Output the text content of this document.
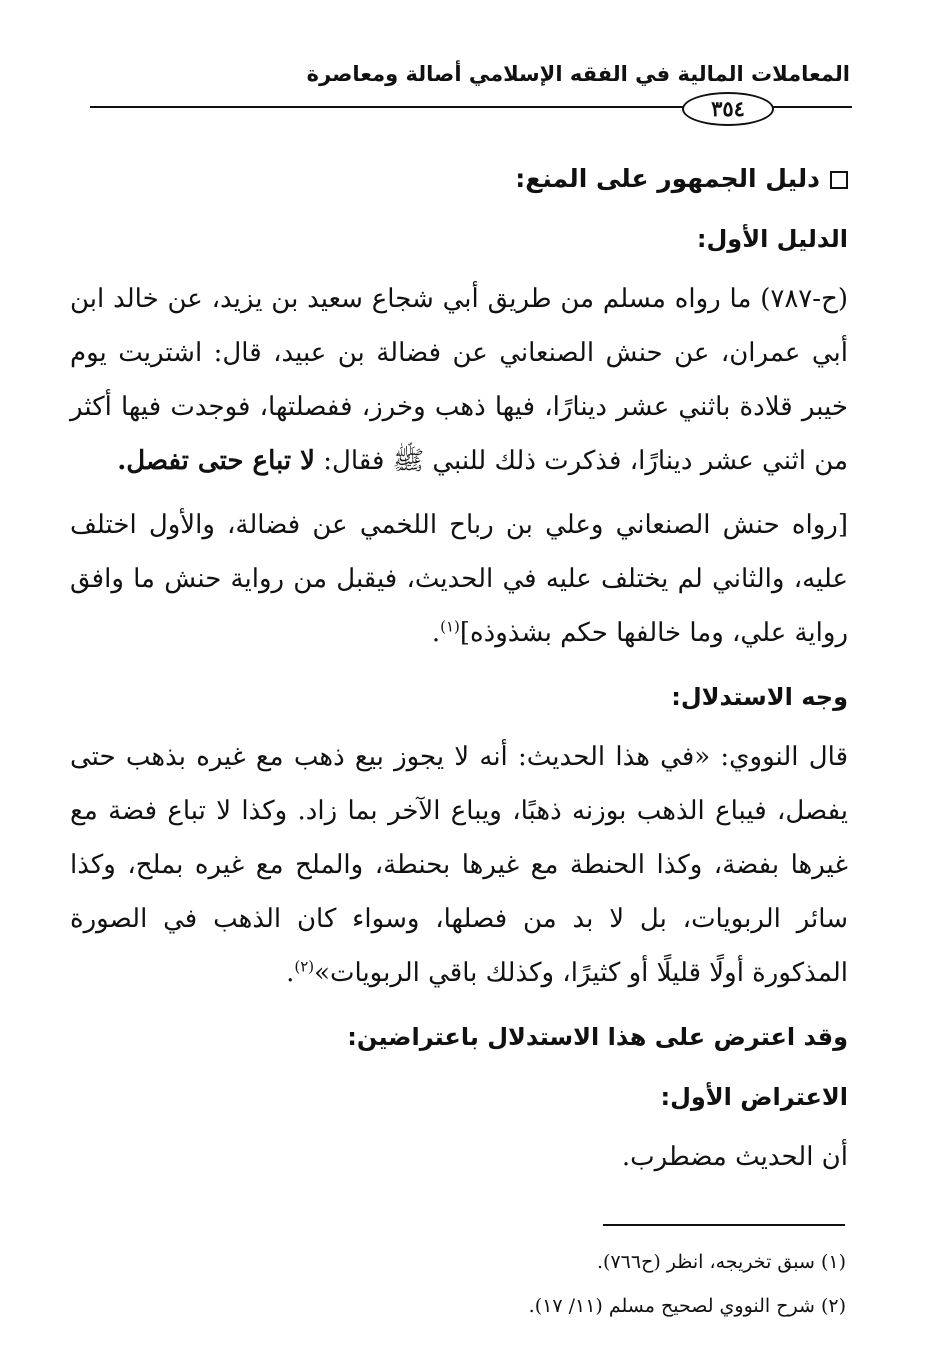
المعاملات المالية في الفقه الإسلامي أصالة ومعاصرة
٣٥٤

دليل الجمهور على المنع:

الدليل الأول:

(ح-٧٨٧) ما رواه مسلم من طريق أبي شجاع سعيد بن يزيد، عن خالد ابن أبي عمران، عن حنش الصنعاني عن فضالة بن عبيد، قال: اشتريت يوم خيبر قلادة باثني عشر دينارًا، فيها ذهب وخرز، ففصلتها، فوجدت فيها أكثر من اثني عشر دينارًا، فذكرت ذلك للنبي ﷺ فقال: لا تباع حتى تفصل.

[رواه حنش الصنعاني وعلي بن رباح اللخمي عن فضالة، والأول اختلف عليه، والثاني لم يختلف عليه في الحديث، فيقبل من رواية حنش ما وافق رواية علي، وما خالفها حكم بشذوذه]$^{(١)}$.

وجه الاستدلال:

قال النووي: «في هذا الحديث: أنه لا يجوز بيع ذهب مع غيره بذهب حتى يفصل، فيباع الذهب بوزنه ذهبًا، ويباع الآخر بما زاد. وكذا لا تباع فضة مع غيرها بفضة، وكذا الحنطة مع غيرها بحنطة، والملح مع غيره بملح، وكذا سائر الربويات، بل لا بد من فصلها، وسواء كان الذهب في الصورة المذكورة أولًا قليلًا أو كثيرًا، وكذلك باقي الربويات»$^{(٢)}$.

وقد اعترض على هذا الاستدلال باعتراضين:

الاعتراض الأول:

أن الحديث مضطرب.

(١) سبق تخريجه، انظر (ح٧٦٦).

(٢) شرح النووي لصحيح مسلم (١١/ ١٧).
